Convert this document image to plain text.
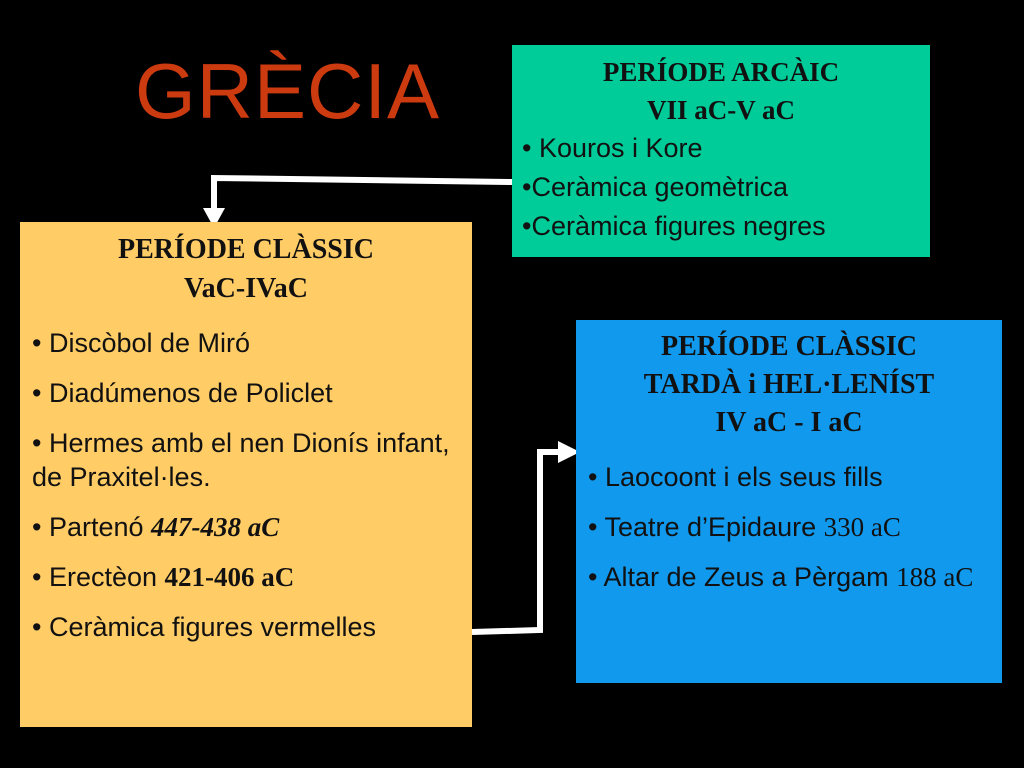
GRÈCIA	PERÍODE ARCÀIC
VII aC-V aC
• Kouros i Kore
•Ceràmica geomètrica
•Ceràmica figures negres
PERÍODE CLÀSSIC
VaC-IVaC
• Discòbol de Miró
• Diadúmenos de Policlet
• Hermes amb el nen Dionís infant, de Praxitel·les.
• Partenó 447-438 aC
• Erectèon 421-406 aC
• Ceràmica figures vermelles
PERÍODE CLÀSSIC
TARDÀ i HEL·LENÍST
IV aC - I aC
• Laocoont i els seus fills
• Teatre d’Epidaure 330 aC
• Altar de Zeus a Pèrgam 188 aC
